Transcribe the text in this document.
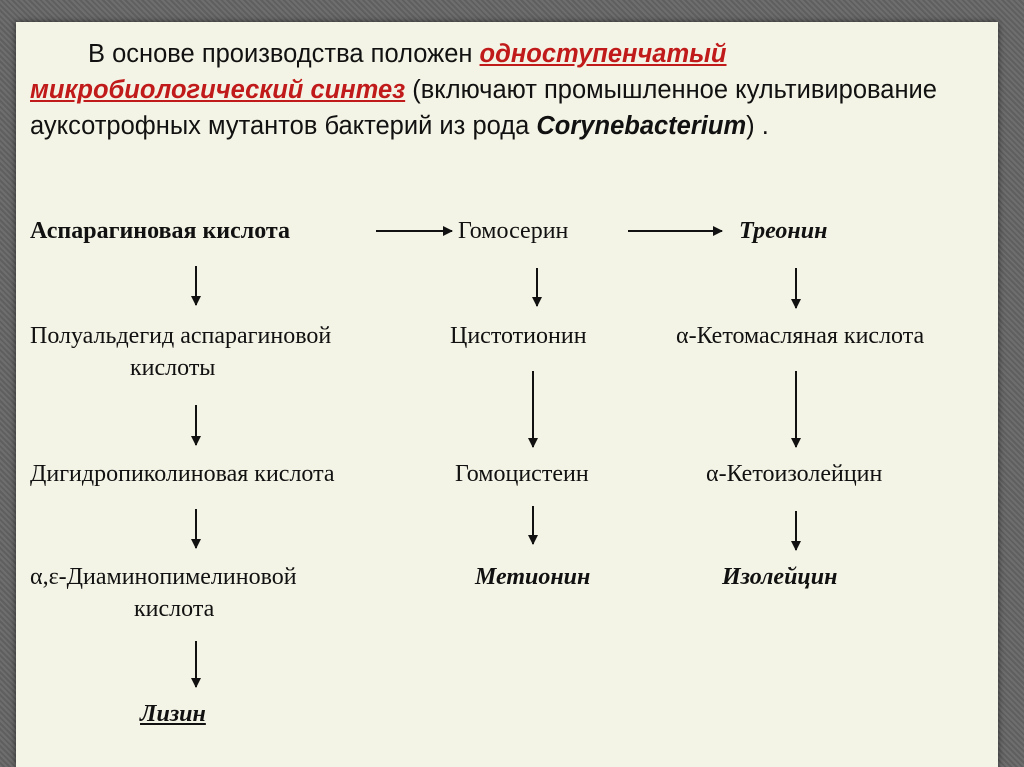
В основе производства положен одноступенчатый микробиологический синтез (включают промышленное культивирование ауксотрофных мутантов бактерий из рода Corynebacterium) .

Аспарагиновая кислота
Полуальдегид аспарагиновой
кислоты
Дигидропиколиновая кислота
α,ε-Диаминопимелиновой
кислота
Лизин
Гомосерин
Цистотионин
Гомоцистеин
Метионин
Треонин
α-Кетомасляная кислота
α-Кетоизолейцин
Изолейцин
